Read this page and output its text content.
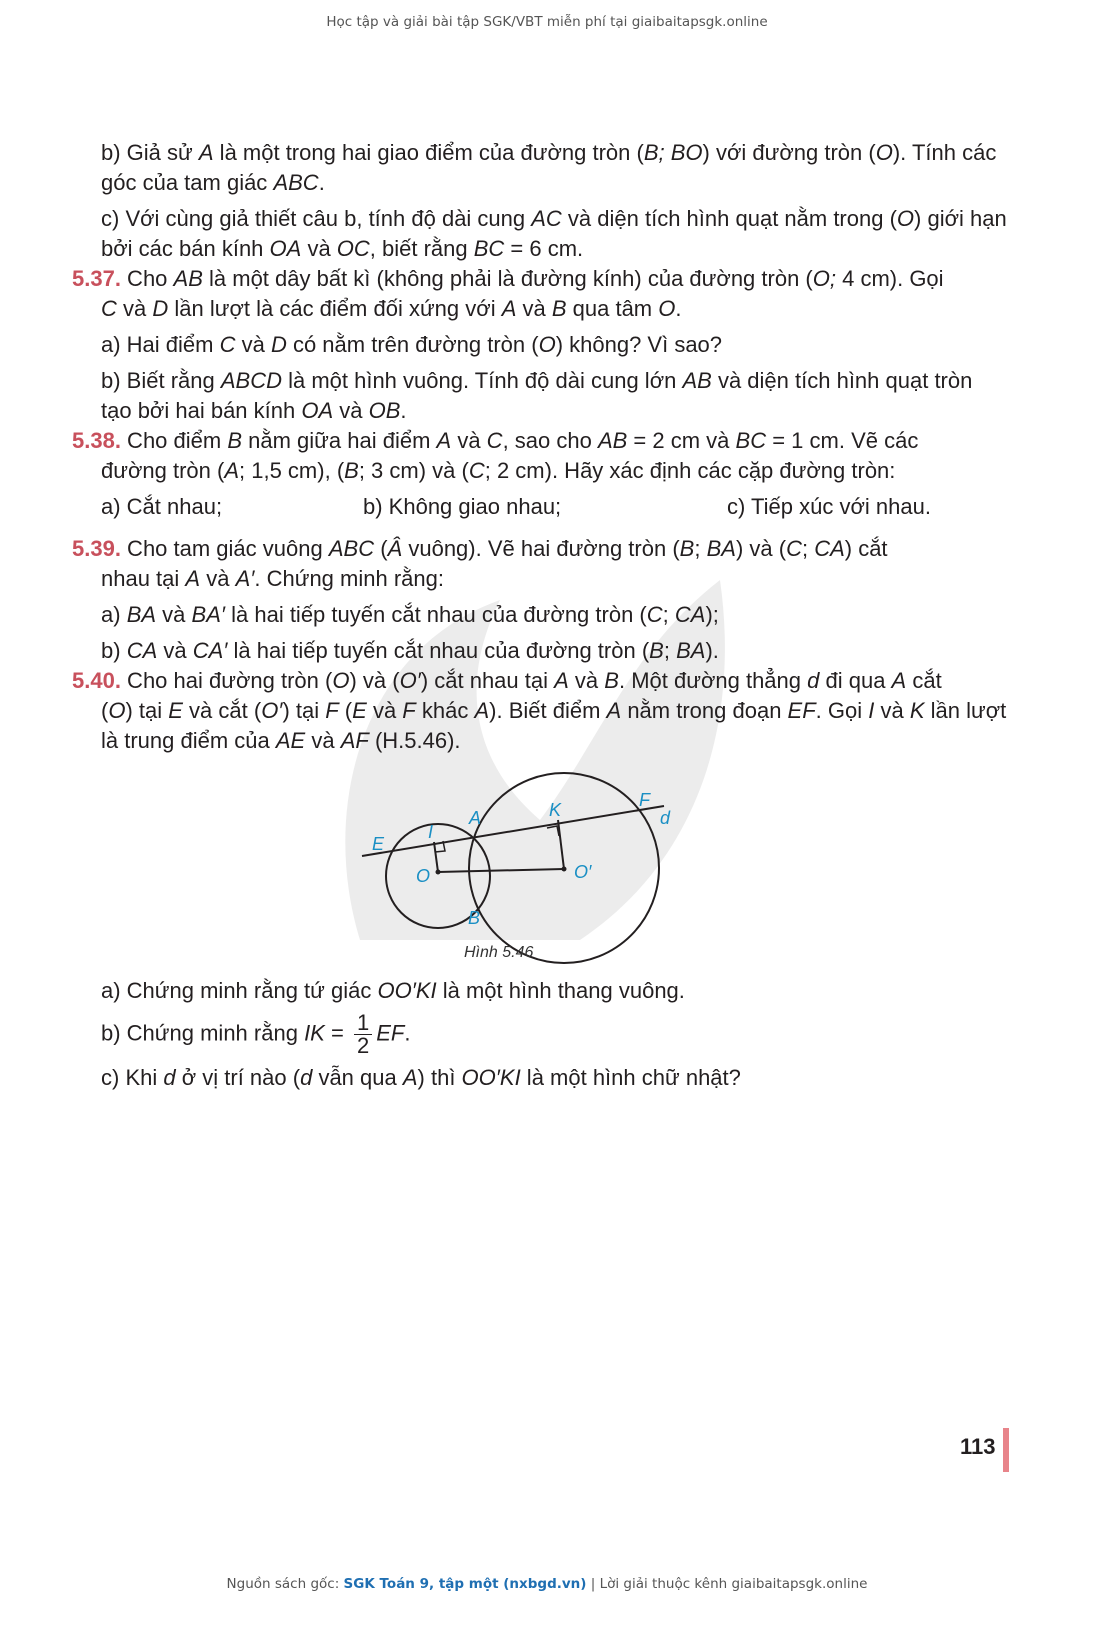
Học tập và giải bài tập SGK/VBT miễn phí tại giaibaitapsgk.online

b) Giả sử A là một trong hai giao điểm của đường tròn (B; BO) với đường tròn (O). Tính các góc của tam giác ABC.

c) Với cùng giả thiết câu b, tính độ dài cung AC và diện tích hình quạt nằm trong (O) giới hạn bởi các bán kính OA và OC, biết rằng BC = 6 cm.

5.37. Cho AB là một dây bất kì (không phải là đường kính) của đường tròn (O; 4 cm). Gọi

C và D lần lượt là các điểm đối xứng với A và B qua tâm O.

a) Hai điểm C và D có nằm trên đường tròn (O) không? Vì sao?

b) Biết rằng ABCD là một hình vuông. Tính độ dài cung lớn AB và diện tích hình quạt tròn tạo bởi hai bán kính OA và OB.

5.38. Cho điểm B nằm giữa hai điểm A và C, sao cho AB = 2 cm và BC = 1 cm. Vẽ các

đường tròn (A; 1,5 cm), (B; 3 cm) và (C; 2 cm). Hãy xác định các cặp đường tròn:

a) Cắt nhau;	b) Không giao nhau;	c) Tiếp xúc với nhau.

5.39. Cho tam giác vuông ABC (Â vuông). Vẽ hai đường tròn (B; BA) và (C; CA) cắt

nhau tại A và A′. Chứng minh rằng:

a) BA và BA′ là hai tiếp tuyến cắt nhau của đường tròn (C; CA);

b) CA và CA′ là hai tiếp tuyến cắt nhau của đường tròn (B; BA).

5.40. Cho hai đường tròn (O) và (O′) cắt nhau tại A và B. Một đường thẳng d đi qua A cắt

(O) tại E và cắt (O′) tại F (E và F khác A). Biết điểm A nằm trong đoạn EF. Gọi I và K lần lượt là trung điểm của AE và AF (H.5.46).

E
I
A	K	F
d
O	O′
B
Hình 5.46

a) Chứng minh rằng tứ giác OO′KI là một hình thang vuông.

b) Chứng minh rằng IK = $\frac{1}{2}$ EF.

c) Khi d ở vị trí nào (d vẫn qua A) thì OO′KI là một hình chữ nhật?

113
Nguồn sách gốc: SGK Toán 9, tập một (nxbgd.vn) | Lời giải thuộc kênh giaibaitapsgk.online
